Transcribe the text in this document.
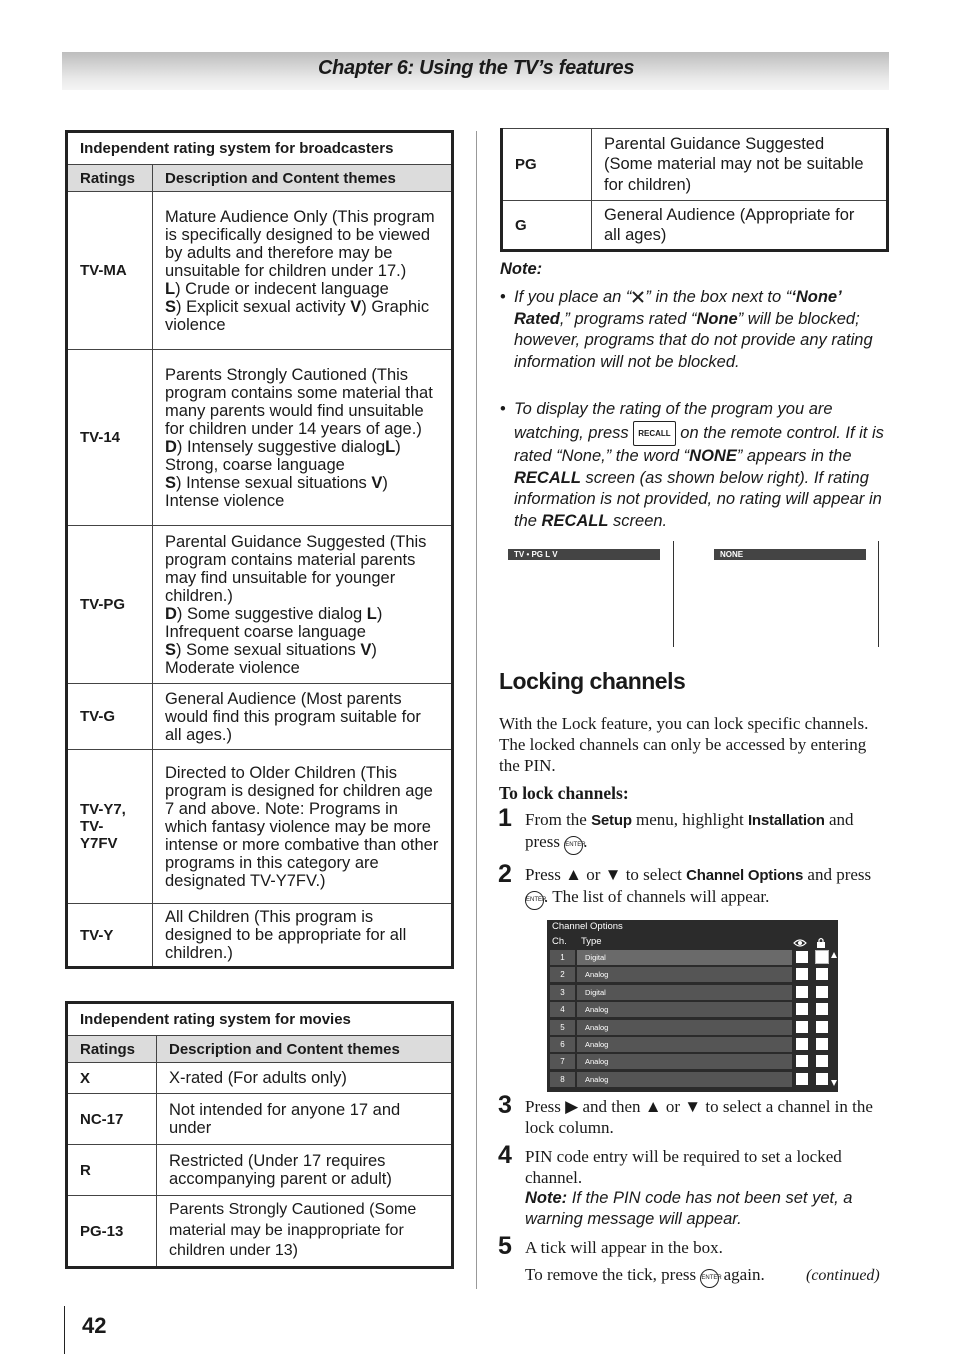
Chapter 6: Using the TV’s features
Independent rating system for broadcasters	
Ratings	Description and Content themes
TV-MA	Mature Audience Only (This program is specifically designed to be viewed by adults and therefore may be unsuitable for children under 17.)
L) Crude or indecent language
S) Explicit sexual activity V) Graphic violence
TV-14	Parents Strongly Cautioned (This program contains some material that many parents would find unsuitable for children under 14 years of age.)
D) Intensely suggestive dialogL) Strong, coarse language
S) Intense sexual situations V) Intense violence
TV-PG	Parental Guidance Suggested (This program contains material parents may find unsuitable for younger children.)
D) Some suggestive dialog L) Infrequent coarse language
S) Some sexual situations V) Moderate violence
TV-G	General Audience (Most parents would find this program suitable for all ages.)
TV-Y7, TV-Y7FV	Directed to Older Children (This program is designed for children age 7 and above. Note: Programs in which fantasy violence may be more intense or more combative than other programs in this category are designated TV-Y7FV.)
TV-Y	All Children (This program is designed to be appropriate for all children.)
Independent rating system for movies	
Ratings	Description and Content themes
X	X-rated (For adults only)
NC-17	Not intended for anyone 17 and under
R	Restricted (Under 17 requires accompanying parent or adult)
PG-13	Parents Strongly Cautioned (Some material may be inappropriate for children under 13)
PG	Parental Guidance Suggested (Some material may not be suitable for children)
G	General Audience (Appropriate for all ages)
Note:
• If you place an “ ” in the box next to “‘None’ Rated,” programs rated “None” will be blocked; however, programs that do not provide any rating information will not be blocked.
• To display the rating of the program you are watching, press RECALL on the remote control. If it is rated “None,” the word “NONE” appears in the RECALL screen (as shown below right). If rating information is not provided, no rating will appear in the RECALL screen.
TV • PG L V	NONE
Locking channels
With the Lock feature, you can lock specific channels. The locked channels can only be accessed by entering the PIN.
To lock channels:
1 From the Setup menu, highlight Installation and press ENTER.
2 Press ▲ or ▼ to select Channel Options and press ENTER. The list of channels will appear.
Channel Options
Ch. Type
1	Digital
2	Analog
3	Digital
4	Analog
5	Analog
6	Analog
7	Analog
8	Analog
3 Press ▶ and then ▲ or ▼ to select a channel in the lock column.
4 PIN code entry will be required to set a locked channel.
Note: If the PIN code has not been set yet, a warning message will appear.
5 A tick will appear in the box.
To remove the tick, press ENTER again.	(continued)
42
